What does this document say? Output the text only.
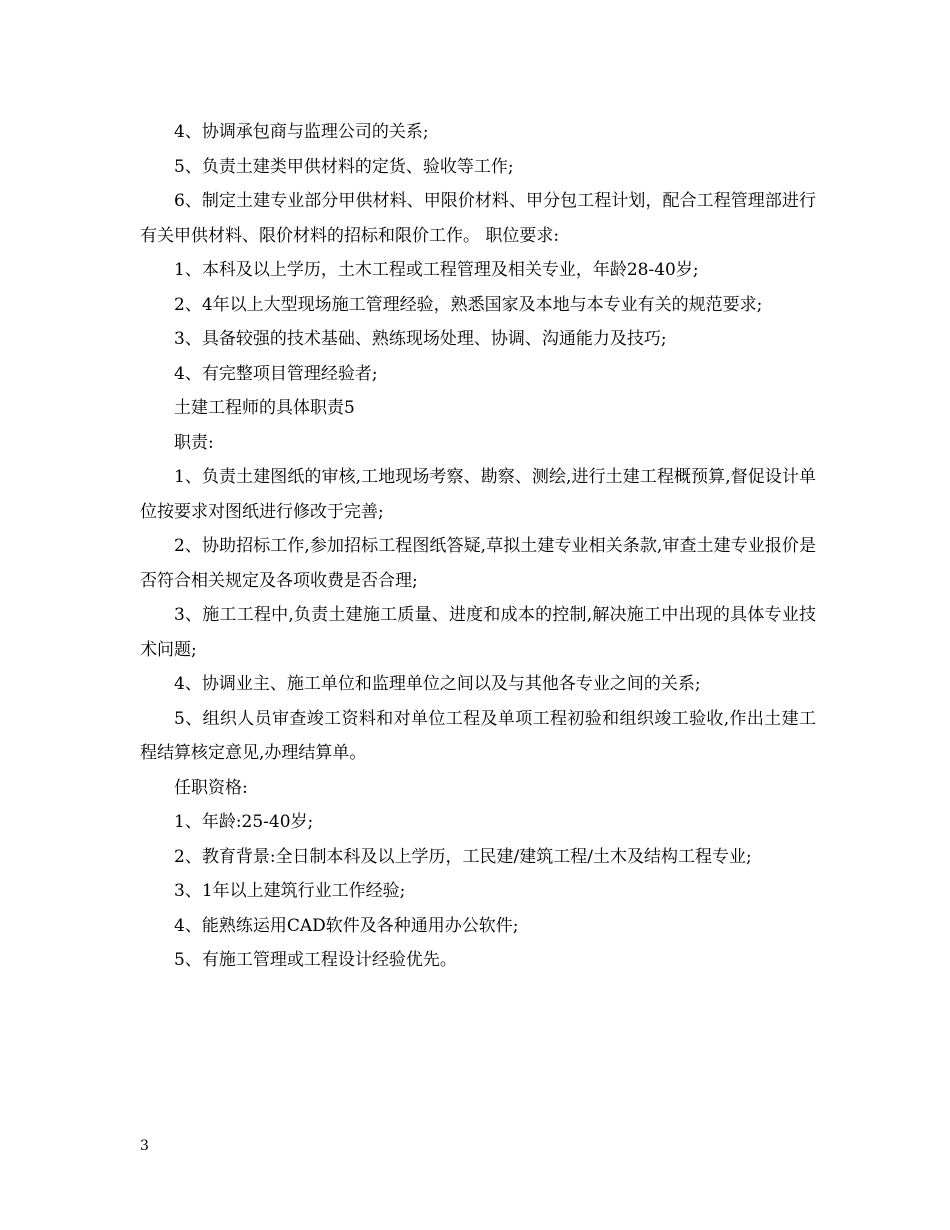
4、协调承包商与监理公司的关系;

5、负责土建类甲供材料的定货、验收等工作;

6、制定土建专业部分甲供材料、甲限价材料、甲分包工程计划，配合工程管理部进行有关甲供材料、限价材料的招标和限价工作。 职位要求:

1、本科及以上学历，土木工程或工程管理及相关专业，年龄28-40岁;

2、4年以上大型现场施工管理经验，熟悉国家及本地与本专业有关的规范要求;

3、具备较强的技术基础、熟练现场处理、协调、沟通能力及技巧;

4、有完整项目管理经验者;

土建工程师的具体职责5

职责:

1、负责土建图纸的审核,工地现场考察、勘察、测绘,进行土建工程概预算,督促设计单位按要求对图纸进行修改于完善;

2、协助招标工作,参加招标工程图纸答疑,草拟土建专业相关条款,审查土建专业报价是否符合相关规定及各项收费是否合理;

3、施工工程中,负责土建施工质量、进度和成本的控制,解决施工中出现的具体专业技术问题;

4、协调业主、施工单位和监理单位之间以及与其他各专业之间的关系;

5、组织人员审查竣工资料和对单位工程及单项工程初验和组织竣工验收,作出土建工程结算核定意见,办理结算单。

任职资格:

1、年龄:25-40岁;

2、教育背景:全日制本科及以上学历，工民建/建筑工程/土木及结构工程专业;

3、1年以上建筑行业工作经验;

4、能熟练运用CAD软件及各种通用办公软件;

5、有施工管理或工程设计经验优先。

3
